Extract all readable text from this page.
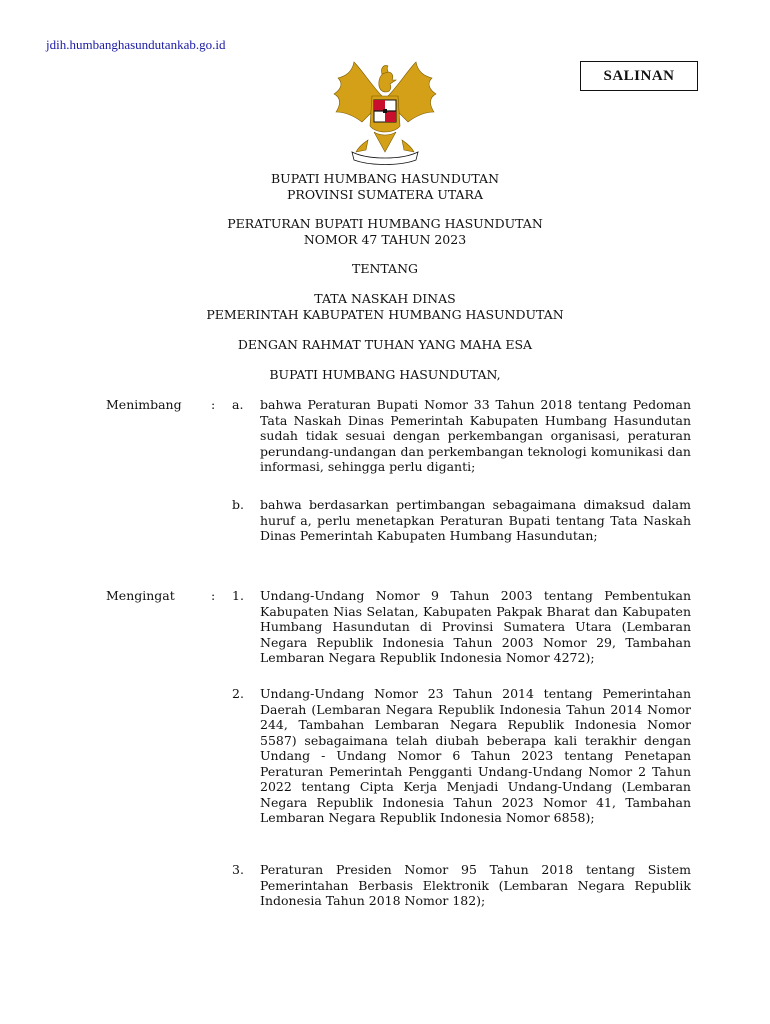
jdih.humbanghasundutankab.go.id
SALINAN
BUPATI HUMBANG HASUNDUTAN
PROVINSI SUMATERA UTARA
PERATURAN BUPATI HUMBANG HASUNDUTAN
NOMOR 47 TAHUN 2023
TENTANG
TATA NASKAH DINAS
PEMERINTAH KABUPATEN HUMBANG HASUNDUTAN
DENGAN RAHMAT TUHAN YANG MAHA ESA
BUPATI HUMBANG HASUNDUTAN,
Menimbang : a. bahwa Peraturan Bupati Nomor 33 Tahun 2018 tentang Pedoman Tata Naskah Dinas Pemerintah Kabupaten Humbang Hasundutan sudah tidak sesuai dengan perkembangan organisasi, peraturan perundang-undangan dan perkembangan teknologi komunikasi dan informasi, sehingga perlu diganti;
b. bahwa berdasarkan pertimbangan sebagaimana dimaksud dalam huruf a, perlu menetapkan Peraturan Bupati tentang Tata Naskah Dinas Pemerintah Kabupaten Humbang Hasundutan;
Mengingat	: 1. Undang-Undang Nomor 9 Tahun 2003 tentang Pembentukan Kabupaten Nias Selatan, Kabupaten Pakpak Bharat dan Kabupaten Humbang Hasundutan di Provinsi Sumatera Utara (Lembaran Negara Republik Indonesia Tahun 2003 Nomor 29, Tambahan Lembaran Negara Republik Indonesia Nomor 4272);
2. Undang-Undang Nomor 23 Tahun 2014 tentang Pemerintahan Daerah (Lembaran Negara Republik Indonesia Tahun 2014 Nomor 244, Tambahan Lembaran Negara Republik Indonesia Nomor 5587) sebagaimana telah diubah beberapa kali terakhir dengan Undang - Undang Nomor 6 Tahun 2023 tentang Penetapan Peraturan Pemerintah Pengganti Undang-Undang Nomor 2 Tahun 2022 tentang Cipta Kerja Menjadi Undang-Undang (Lembaran Negara Republik Indonesia Tahun 2023 Nomor 41, Tambahan Lembaran Negara Republik Indonesia Nomor 6858);
3. Peraturan Presiden Nomor 95 Tahun 2018 tentang Sistem Pemerintahan Berbasis Elektronik (Lembaran Negara Republik Indonesia Tahun 2018 Nomor 182);
